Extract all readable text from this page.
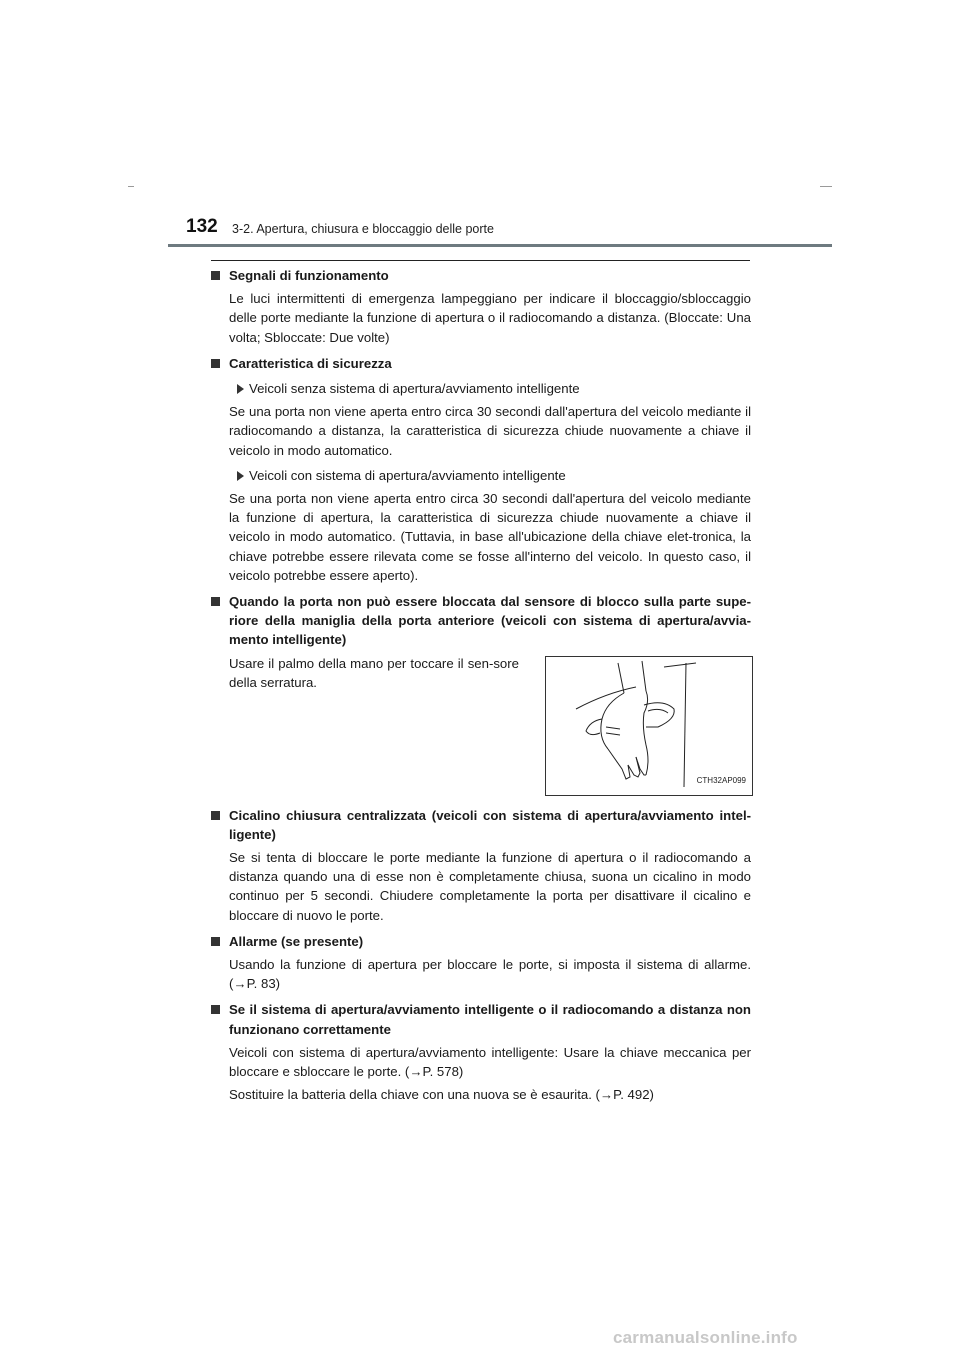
132 3-2. Apertura, chiusura e bloccaggio delle porte
Segnali di funzionamento
Le luci intermittenti di emergenza lampeggiano per indicare il bloccaggio/sbloccaggio delle porte mediante la funzione di apertura o il radiocomando a distanza. (Bloccate: Una volta; Sbloccate: Due volte)
Caratteristica di sicurezza
Veicoli senza sistema di apertura/avviamento intelligente
Se una porta non viene aperta entro circa 30 secondi dall'apertura del veicolo mediante il radiocomando a distanza, la caratteristica di sicurezza chiude nuovamente a chiave il veicolo in modo automatico.
Veicoli con sistema di apertura/avviamento intelligente
Se una porta non viene aperta entro circa 30 secondi dall'apertura del veicolo mediante la funzione di apertura, la caratteristica di sicurezza chiude nuovamente a chiave il veicolo in modo automatico. (Tuttavia, in base all'ubicazione della chiave elet-tronica, la chiave potrebbe essere rilevata come se fosse all'interno del veicolo. In questo caso, il veicolo potrebbe essere aperto).
Quando la porta non può essere bloccata dal sensore di blocco sulla parte supe-riore della maniglia della porta anteriore (veicoli con sistema di apertura/avvia-mento intelligente)
Usare il palmo della mano per toccare il sen-sore della serratura.
CTH32AP099
Cicalino chiusura centralizzata (veicoli con sistema di apertura/avviamento intel-ligente)
Se si tenta di bloccare le porte mediante la funzione di apertura o il radiocomando a distanza quando una di esse non è completamente chiusa, suona un cicalino in modo continuo per 5 secondi. Chiudere completamente la porta per disattivare il cicalino e bloccare di nuovo le porte.
Allarme (se presente)
Usando la funzione di apertura per bloccare le porte, si imposta il sistema di allarme. (→P. 83)
Se il sistema di apertura/avviamento intelligente o il radiocomando a distanza non funzionano correttamente
Veicoli con sistema di apertura/avviamento intelligente: Usare la chiave meccanica per bloccare e sbloccare le porte. (→P. 578)
Sostituire la batteria della chiave con una nuova se è esaurita. (→P. 492)
carmanualsonline.info
